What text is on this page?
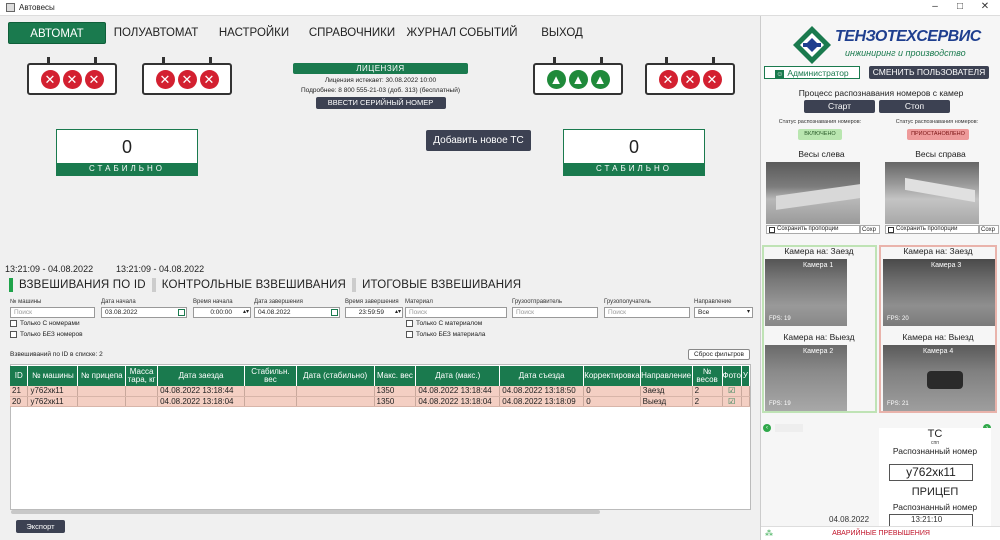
Автовесы	–	□	✕
АВТОМАТ	ПОЛУАВТОМАТ	НАСТРОЙКИ	СПРАВОЧНИКИ ЖУРНАЛ СОБЫТИЙ	ВЫХОД
✕ ✕ ✕	✕ ✕ ✕	▲ ▲ ▲	✕ ✕ ✕
ЛИЦЕНЗИЯ
Лицензия истекает: 30.08.2022 10:00
Подробнее: 8 800 555-21-03 (доб. 313) (бесплатный)
ВВЕСТИ СЕРИЙНЫЙ НОМЕР
Добавить новое ТС
0
СТАБИЛЬНО
0
СТАБИЛЬНО
13:21:09 - 04.08.2022	13:21:09 - 04.08.2022
ВЗВЕШИВАНИЯ ПО ID	КОНТРОЛЬНЫЕ ВЗВЕШИВАНИЯ	ИТОГОВЫЕ ВЗВЕШИВАНИЯ
№ машины
Поиск
Дата начала
03.08.2022
Время начала
0:00:00 ▴▾
Дата завершения
04.08.2022
Время завершения
23:59:59 ▴▾
Материал
Поиск
Грузоотправитель
Поиск
Грузополучатель
Поиск
Направление
Все	▾
Только С номерами
Только БЕЗ номеров
Только С материалом
Только БЕЗ материала
Взвешиваний по ID в списке: 2	Сброс фильтров
ID	№ машины	№ прицепа	Масса тара, кг	Дата заезда	Стабильн. вес	Дата (стабильно)	Макс. вес	Дата (макс.)	Дата съезда	Корректировка	Направление	№ весов	Фото	У
21	у762хк11			04.08.2022 13:18:44			1350	04.08.2022 13:18:44	04.08.2022 13:18:50	0	Заезд	2	☑	
20	у762хк11			04.08.2022 13:18:04			1350	04.08.2022 13:18:04	04.08.2022 13:18:09	0	Выезд	2	☑	
Экспорт
ТЕНЗОТЕХСЕРВИС
инжиниринг и производство
☺ Администратор	СМЕНИТЬ ПОЛЬЗОВАТЕЛЯ
Процесс распознавания номеров с камер
Старт	Стоп
Статус распознавания номеров:	Статус распознавания номеров:
ВКЛЮЧЕНО	ПРИОСТАНОВЛЕНО
Весы слева	Весы справа
Сохранить пропорции	Сохранить пропорции
Сохр	Сохр
Камера на: Заезд	Камера на: Заезд
Камера 1
FPS: 19
Камера 3
FPS: 20
Камера на: Выезд	Камера на: Выезд
Камера 2
FPS: 19
Камера 4
FPS: 21
‹	ТС
спп
Распознанный номер
у762хк11
ПРИЦЕП
Распознанный номер
04.08.2022	13:21:10
⁂	АВАРИЙНЫЕ ПРЕВЫШЕНИЯ
